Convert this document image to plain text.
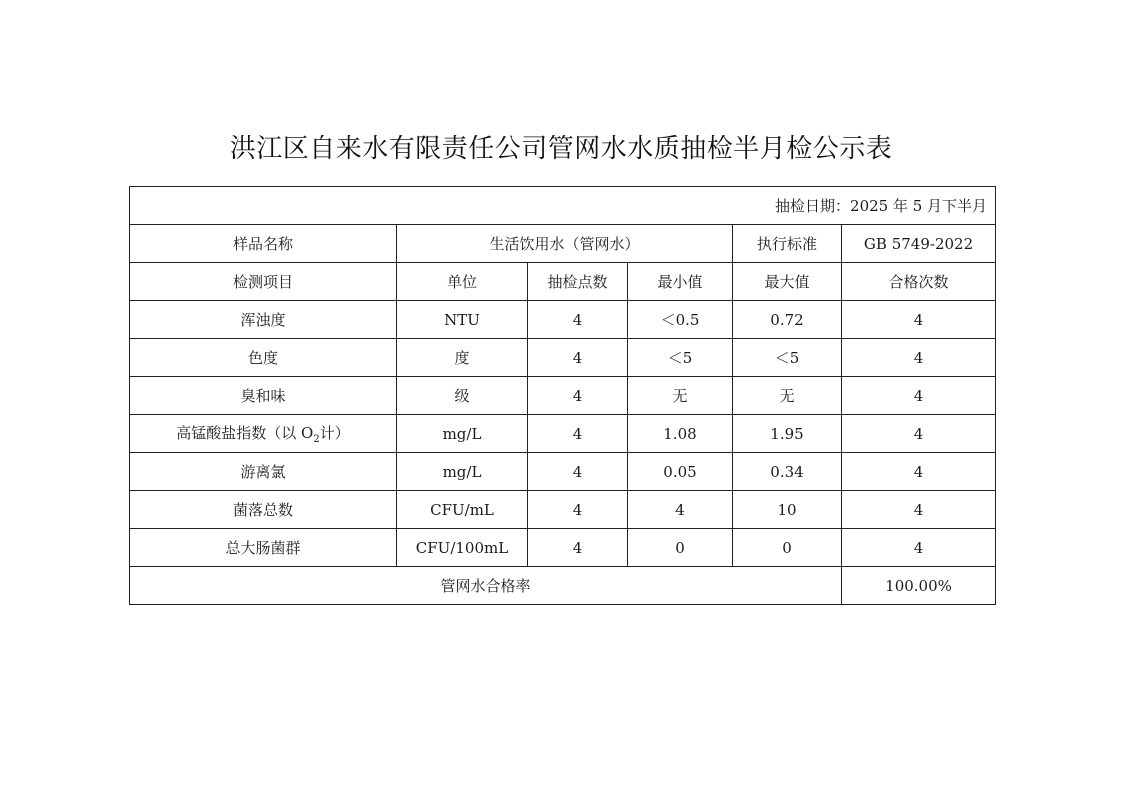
洪江区自来水有限责任公司管网水水质抽检半月检公示表
抽检日期：2025 年 5 月下半月					
样品名称	生活饮用水（管网水）			执行标准	GB 5749-2022
检测项目	单位	抽检点数	最小值	最大值	合格次数
浑浊度	NTU	4	＜0.5	0.72	4
色度	度	4	＜5	＜5	4
臭和味	级	4	无	无	4
高锰酸盐指数（以 $O_2$计）	mg/L	4	1.08	1.95	4
游离氯	mg/L	4	0.05	0.34	4
菌落总数	CFU/mL	4	4	10	4
总大肠菌群	CFU/100mL	4	0	0	4
管网水合格率					100.00%
